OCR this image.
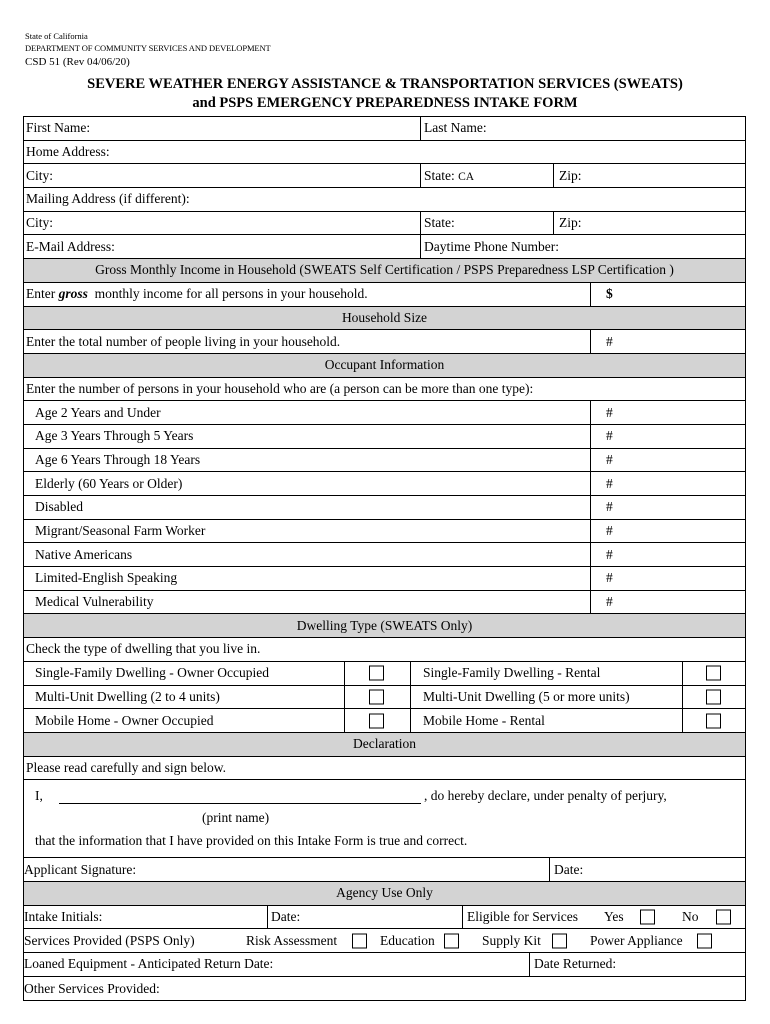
State of California
DEPARTMENT OF COMMUNITY SERVICES AND DEVELOPMENT
CSD 51 (Rev 04/06/20)
SEVERE WEATHER ENERGY ASSISTANCE & TRANSPORTATION SERVICES (SWEATS)
and PSPS EMERGENCY PREPAREDNESS INTAKE FORM
First Name:	Last Name:
Home Address:
City:	State: CA	Zip:
Mailing Address (if different):
City:	State:	Zip:
E-Mail Address:	Daytime Phone Number:
Gross Monthly Income in Household (SWEATS Self Certification / PSPS Preparedness LSP Certification )
Enter gross monthly income for all persons in your household.	$
Household Size
Enter the total number of people living in your household.	#
Occupant Information
Enter the number of persons in your household who are (a person can be more than one type):
Age 2 Years and Under	#
Age 3 Years Through 5 Years	#
Age 6 Years Through 18 Years	#
Elderly (60 Years or Older)	#
Disabled	#
Migrant/Seasonal Farm Worker	#
Native Americans	#
Limited-English Speaking	#
Medical Vulnerability	#
Dwelling Type (SWEATS Only)
Check the type of dwelling that you live in.
Single-Family Dwelling - Owner Occupied	Single-Family Dwelling - Rental
Multi-Unit Dwelling (2 to 4 units)	Multi-Unit Dwelling (5 or more units)
Mobile Home - Owner Occupied	Mobile Home - Rental
Declaration
Please read carefully and sign below.
I,	, do hereby declare, under penalty of perjury,
(print name)
that the information that I have provided on this Intake Form is true and correct.
Applicant Signature:	Date:
Agency Use Only
Intake Initials:	Date:	Eligible for Services Yes	No
Services Provided (PSPS Only)	Risk Assessment	Education	Supply Kit	Power Appliance
Loaned Equipment - Anticipated Return Date:	Date Returned:
Other Services Provided:
